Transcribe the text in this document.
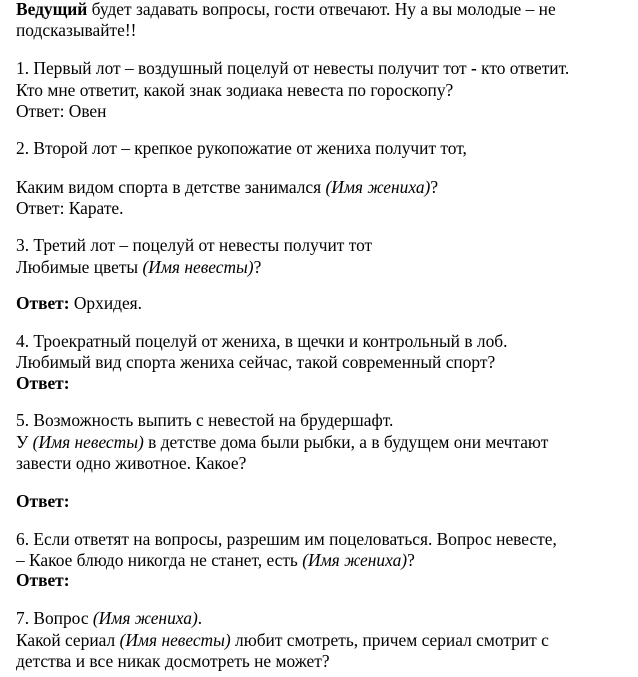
Ведущий будет задавать вопросы, гости отвечают. Ну а вы молодые – не
подсказывайте!!
1. Первый лот – воздушный поцелуй от невесты получит тот - кто ответит.
Кто мне ответит, какой знак зодиака невеста по гороскопу?
Ответ: Овен
2. Второй лот – крепкое рукопожатие от жениха получит тот,
Каким видом спорта в детстве занимался (Имя жениха)?
Ответ: Карате.
3. Третий лот – поцелуй от невесты получит тот
Любимые цветы (Имя невесты)?
Ответ: Орхидея.
4. Троекратный поцелуй от жениха, в щечки и контрольный в лоб.
Любимый вид спорта жениха сейчас, такой современный спорт?
Ответ:
5. Возможность выпить с невестой на брудершафт.
У (Имя невесты) в детстве дома были рыбки, а в будущем они мечтают
завести одно животное. Какое?
Ответ:
6. Если ответят на вопросы, разрешим им поцеловаться. Вопрос невесте,
– Какое блюдо никогда не станет, есть (Имя жениха)?
Ответ:
7. Вопрос (Имя жениха).
Какой сериал (Имя невесты) любит смотреть, причем сериал смотрит с
детства и все никак досмотреть не может?
